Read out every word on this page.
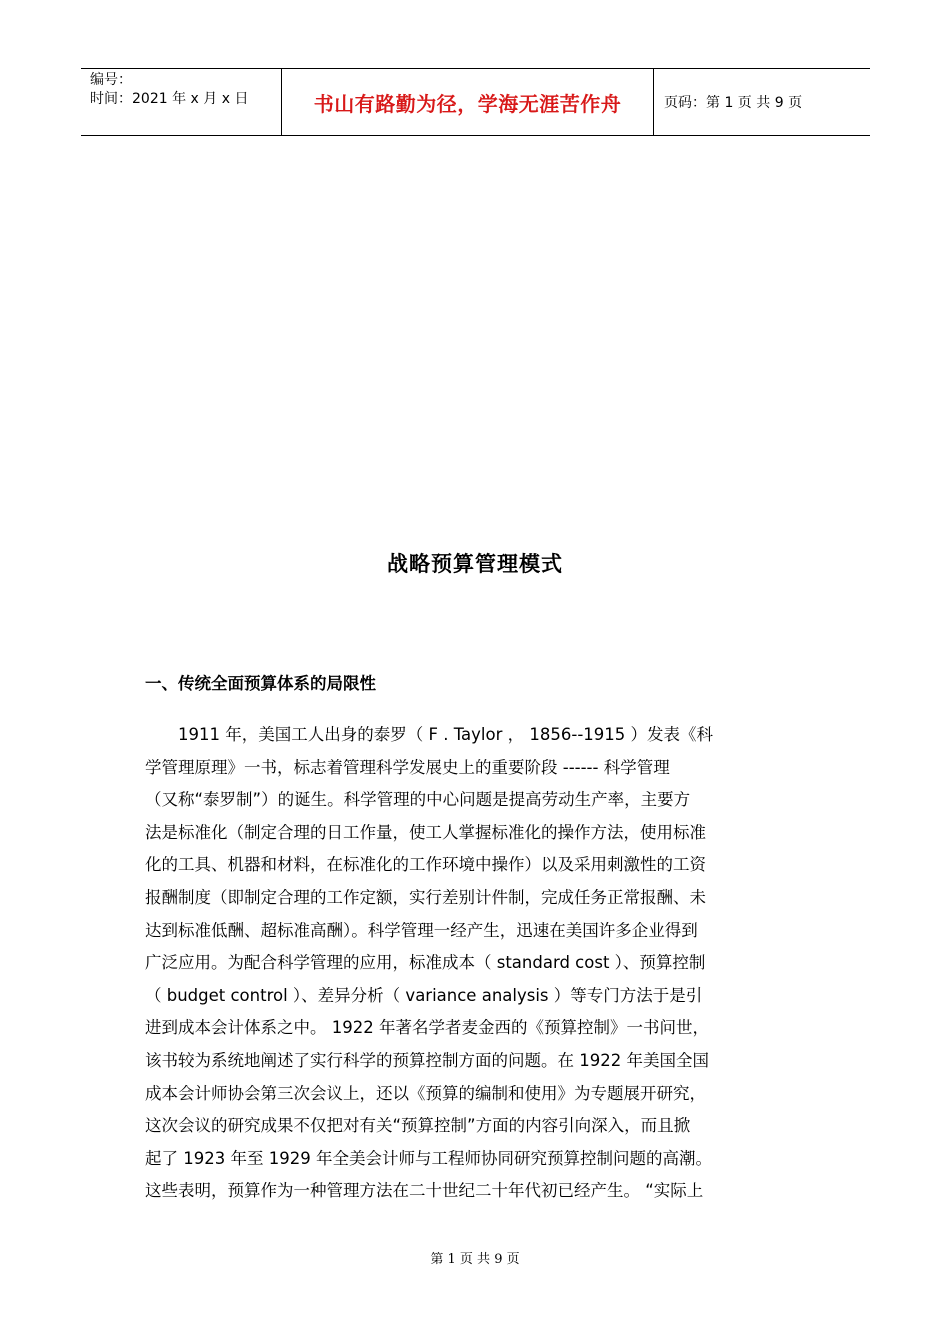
编号：
时间：2021 年 x 月 x 日	书山有路勤为径，学海无涯苦作舟	页码：第 1 页 共 9 页
战略预算管理模式
一、传统全面预算体系的局限性
　　1911 年，美国工人出身的泰罗（ F . Taylor ， 1856--1915 ）发表《科
学管理原理》一书，标志着管理科学发展史上的重要阶段 ------ 科学管理
（又称“泰罗制”）的诞生。科学管理的中心问题是提高劳动生产率，主要方
法是标准化（制定合理的日工作量，使工人掌握标准化的操作方法，使用标准
化的工具、机器和材料，在标准化的工作环境中操作）以及采用刺激性的工资
报酬制度（即制定合理的工作定额，实行差别计件制，完成任务正常报酬、未
达到标准低酬、超标准高酬）。科学管理一经产生，迅速在美国许多企业得到
广泛应用。为配合科学管理的应用，标准成本（ standard cost ）、预算控制
（ budget control ）、差异分析（ variance analysis ）等专门方法于是引
进到成本会计体系之中。 1922 年著名学者麦金西的《预算控制》一书问世，
该书较为系统地阐述了实行科学的预算控制方面的问题。在 1922 年美国全国
成本会计师协会第三次会议上，还以《预算的编制和使用》为专题展开研究，
这次会议的研究成果不仅把对有关“预算控制”方面的内容引向深入，而且掀
起了 1923 年至 1929 年全美会计师与工程师协同研究预算控制问题的高潮。
这些表明，预算作为一种管理方法在二十世纪二十年代初已经产生。 “实际上
第 1 页 共 9 页
